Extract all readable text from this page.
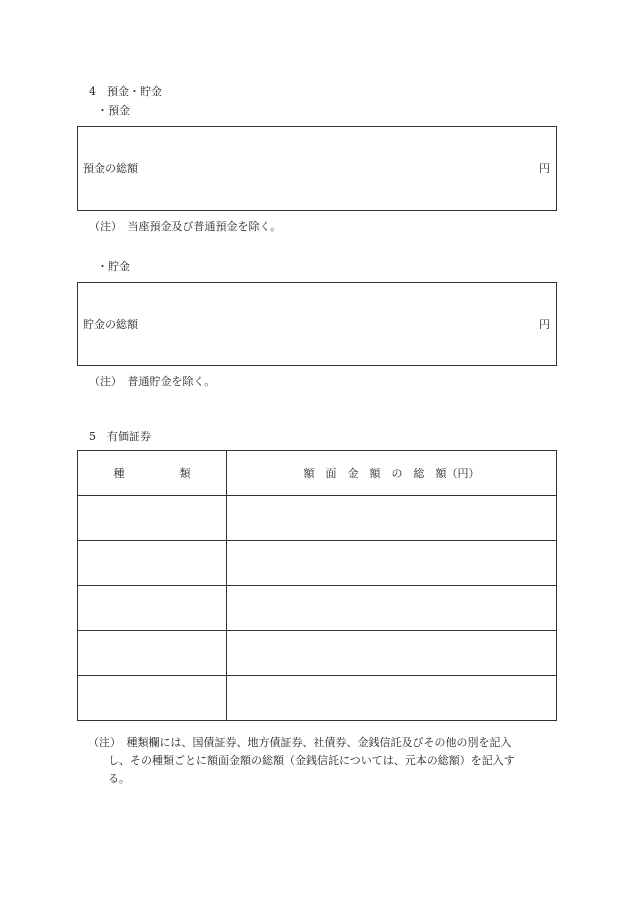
4　預金・貯金
・預金
預金の総額	円
（注）　当座預金及び普通預金を除く。
・貯金
貯金の総額	円
（注）　普通貯金を除く。
5　有価証券
種　　　　　類	額　面　金　額　の　総　額（円）

（注）　種類欄には、国債証券、地方債証券、社債券、金銭信託及びその他の別を記入
し、その種類ごとに額面金額の総額（金銭信託については、元本の総額）を記入す
る。
